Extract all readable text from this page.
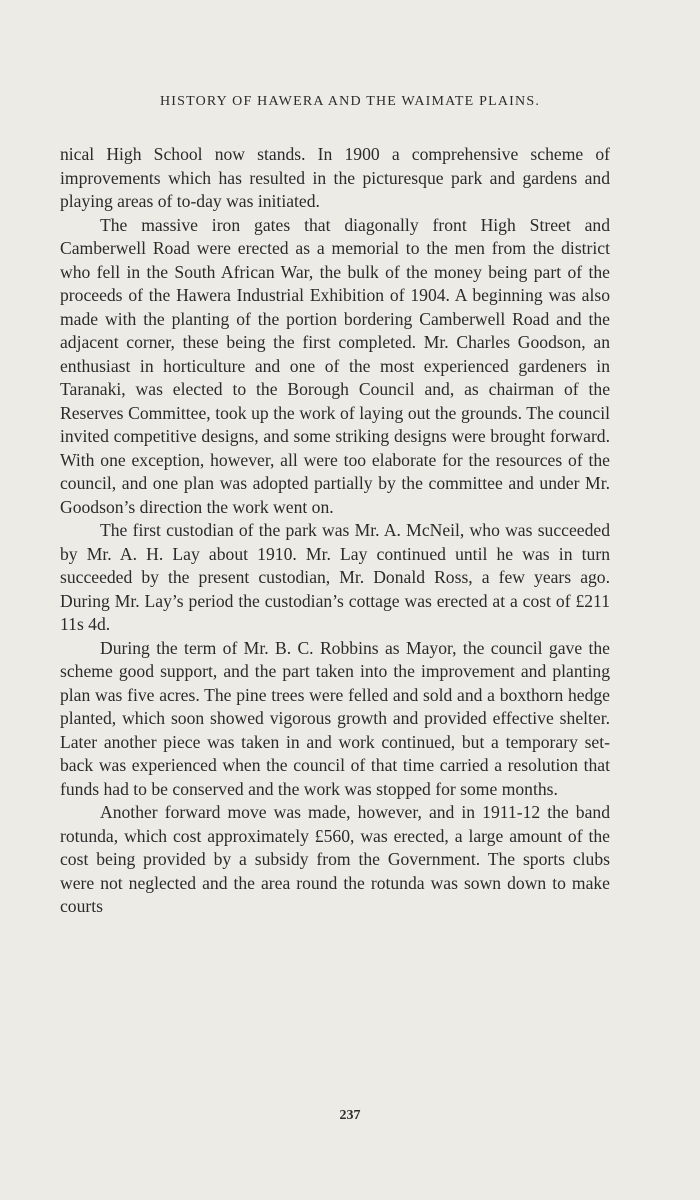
HISTORY OF HAWERA AND THE WAIMATE PLAINS.

nical High School now stands. In 1900 a comprehensive scheme of improvements which has resulted in the picturesque park and gardens and playing areas of to-day was initiated.

The massive iron gates that diagonally front High Street and Camberwell Road were erected as a memorial to the men from the district who fell in the South African War, the bulk of the money being part of the proceeds of the Hawera Industrial Exhibition of 1904. A beginning was also made with the planting of the portion bordering Camberwell Road and the adjacent corner, these being the first completed. Mr. Charles Goodson, an enthusiast in horticulture and one of the most experienced gardeners in Taranaki, was elected to the Borough Council and, as chairman of the Reserves Committee, took up the work of laying out the grounds. The council invited competitive designs, and some striking designs were brought forward. With one exception, however, all were too elaborate for the resources of the council, and one plan was adopted partially by the committee and under Mr. Goodson’s direction the work went on.

The first custodian of the park was Mr. A. McNeil, who was succeeded by Mr. A. H. Lay about 1910. Mr. Lay continued until he was in turn succeeded by the present custodian, Mr. Donald Ross, a few years ago. During Mr. Lay’s period the custodian’s cottage was erected at a cost of £211 11s 4d.

During the term of Mr. B. C. Robbins as Mayor, the council gave the scheme good support, and the part taken into the improvement and planting plan was five acres. The pine trees were felled and sold and a boxthorn hedge planted, which soon showed vigorous growth and provided effective shelter. Later another piece was taken in and work continued, but a temporary set-back was experienced when the council of that time carried a resolution that funds had to be conserved and the work was stopped for some months.

Another forward move was made, however, and in 1911-12 the band rotunda, which cost approximately £560, was erected, a large amount of the cost being provided by a subsidy from the Government. The sports clubs were not neglected and the area round the rotunda was sown down to make courts

237
